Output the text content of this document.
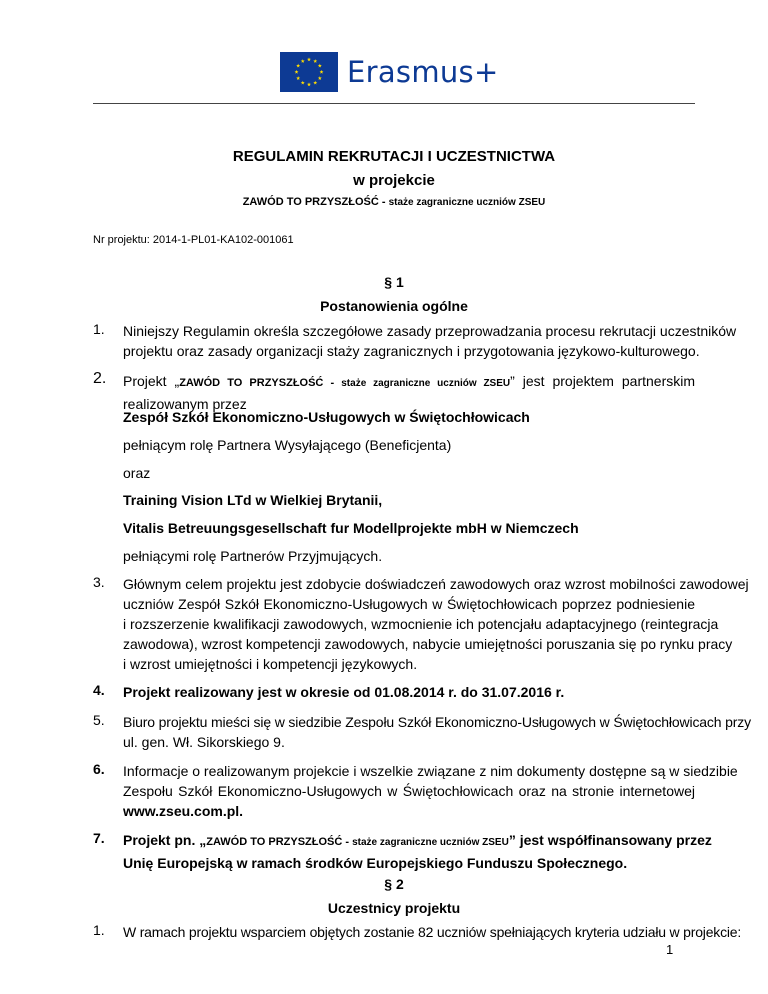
Erasmus+
REGULAMIN REKRUTACJI I UCZESTNICTWA
w projekcie
ZAWÓD TO PRZYSZŁOŚĆ - staże zagraniczne uczniów ZSEU
Nr projektu: 2014-1-PL01-KA102-001061
§ 1
Postanowienia ogólne
1. Niniejszy Regulamin określa szczegółowe zasady przeprowadzania procesu rekrutacji uczestników
projektu oraz zasady organizacji staży zagranicznych i przygotowania językowo-kulturowego.
2. Projekt „ZAWÓD TO PRZYSZŁOŚĆ - staże zagraniczne uczniów ZSEU” jest projektem partnerskim
realizowanym przez
Zespół Szkół Ekonomiczno-Usługowych w Świętochłowicach
pełniącym rolę Partnera Wysyłającego (Beneficjenta)
oraz
Training Vision LTd w Wielkiej Brytanii,
Vitalis Betreuungsgesellschaft fur Modellprojekte mbH w Niemczech
pełniącymi rolę Partnerów Przyjmujących.
3. Głównym celem projektu jest zdobycie doświadczeń zawodowych oraz wzrost mobilności zawodowej
uczniów Zespół Szkół Ekonomiczno-Usługowych w Świętochłowicach poprzez podniesienie
i rozszerzenie kwalifikacji zawodowych, wzmocnienie ich potencjału adaptacyjnego (reintegracja
zawodowa), wzrost kompetencji zawodowych, nabycie umiejętności poruszania się po rynku pracy
i wzrost umiejętności i kompetencji językowych.
4. Projekt realizowany jest w okresie od 01.08.2014 r. do 31.07.2016 r.
5. Biuro projektu mieści się w siedzibie Zespołu Szkół Ekonomiczno-Usługowych w Świętochłowicach przy
ul. gen. Wł. Sikorskiego 9.
6. Informacje o realizowanym projekcie i wszelkie związane z nim dokumenty dostępne są w siedzibie
Zespołu Szkół Ekonomiczno-Usługowych w Świętochłowicach oraz na stronie internetowej
www.zseu.com.pl.
7. Projekt pn. „ZAWÓD TO PRZYSZŁOŚĆ - staże zagraniczne uczniów ZSEU” jest współfinansowany przez
Unię Europejską w ramach środków Europejskiego Funduszu Społecznego.
§ 2
Uczestnicy projektu
1. W ramach projektu wsparciem objętych zostanie 82 uczniów spełniających kryteria udziału w projekcie:
1
